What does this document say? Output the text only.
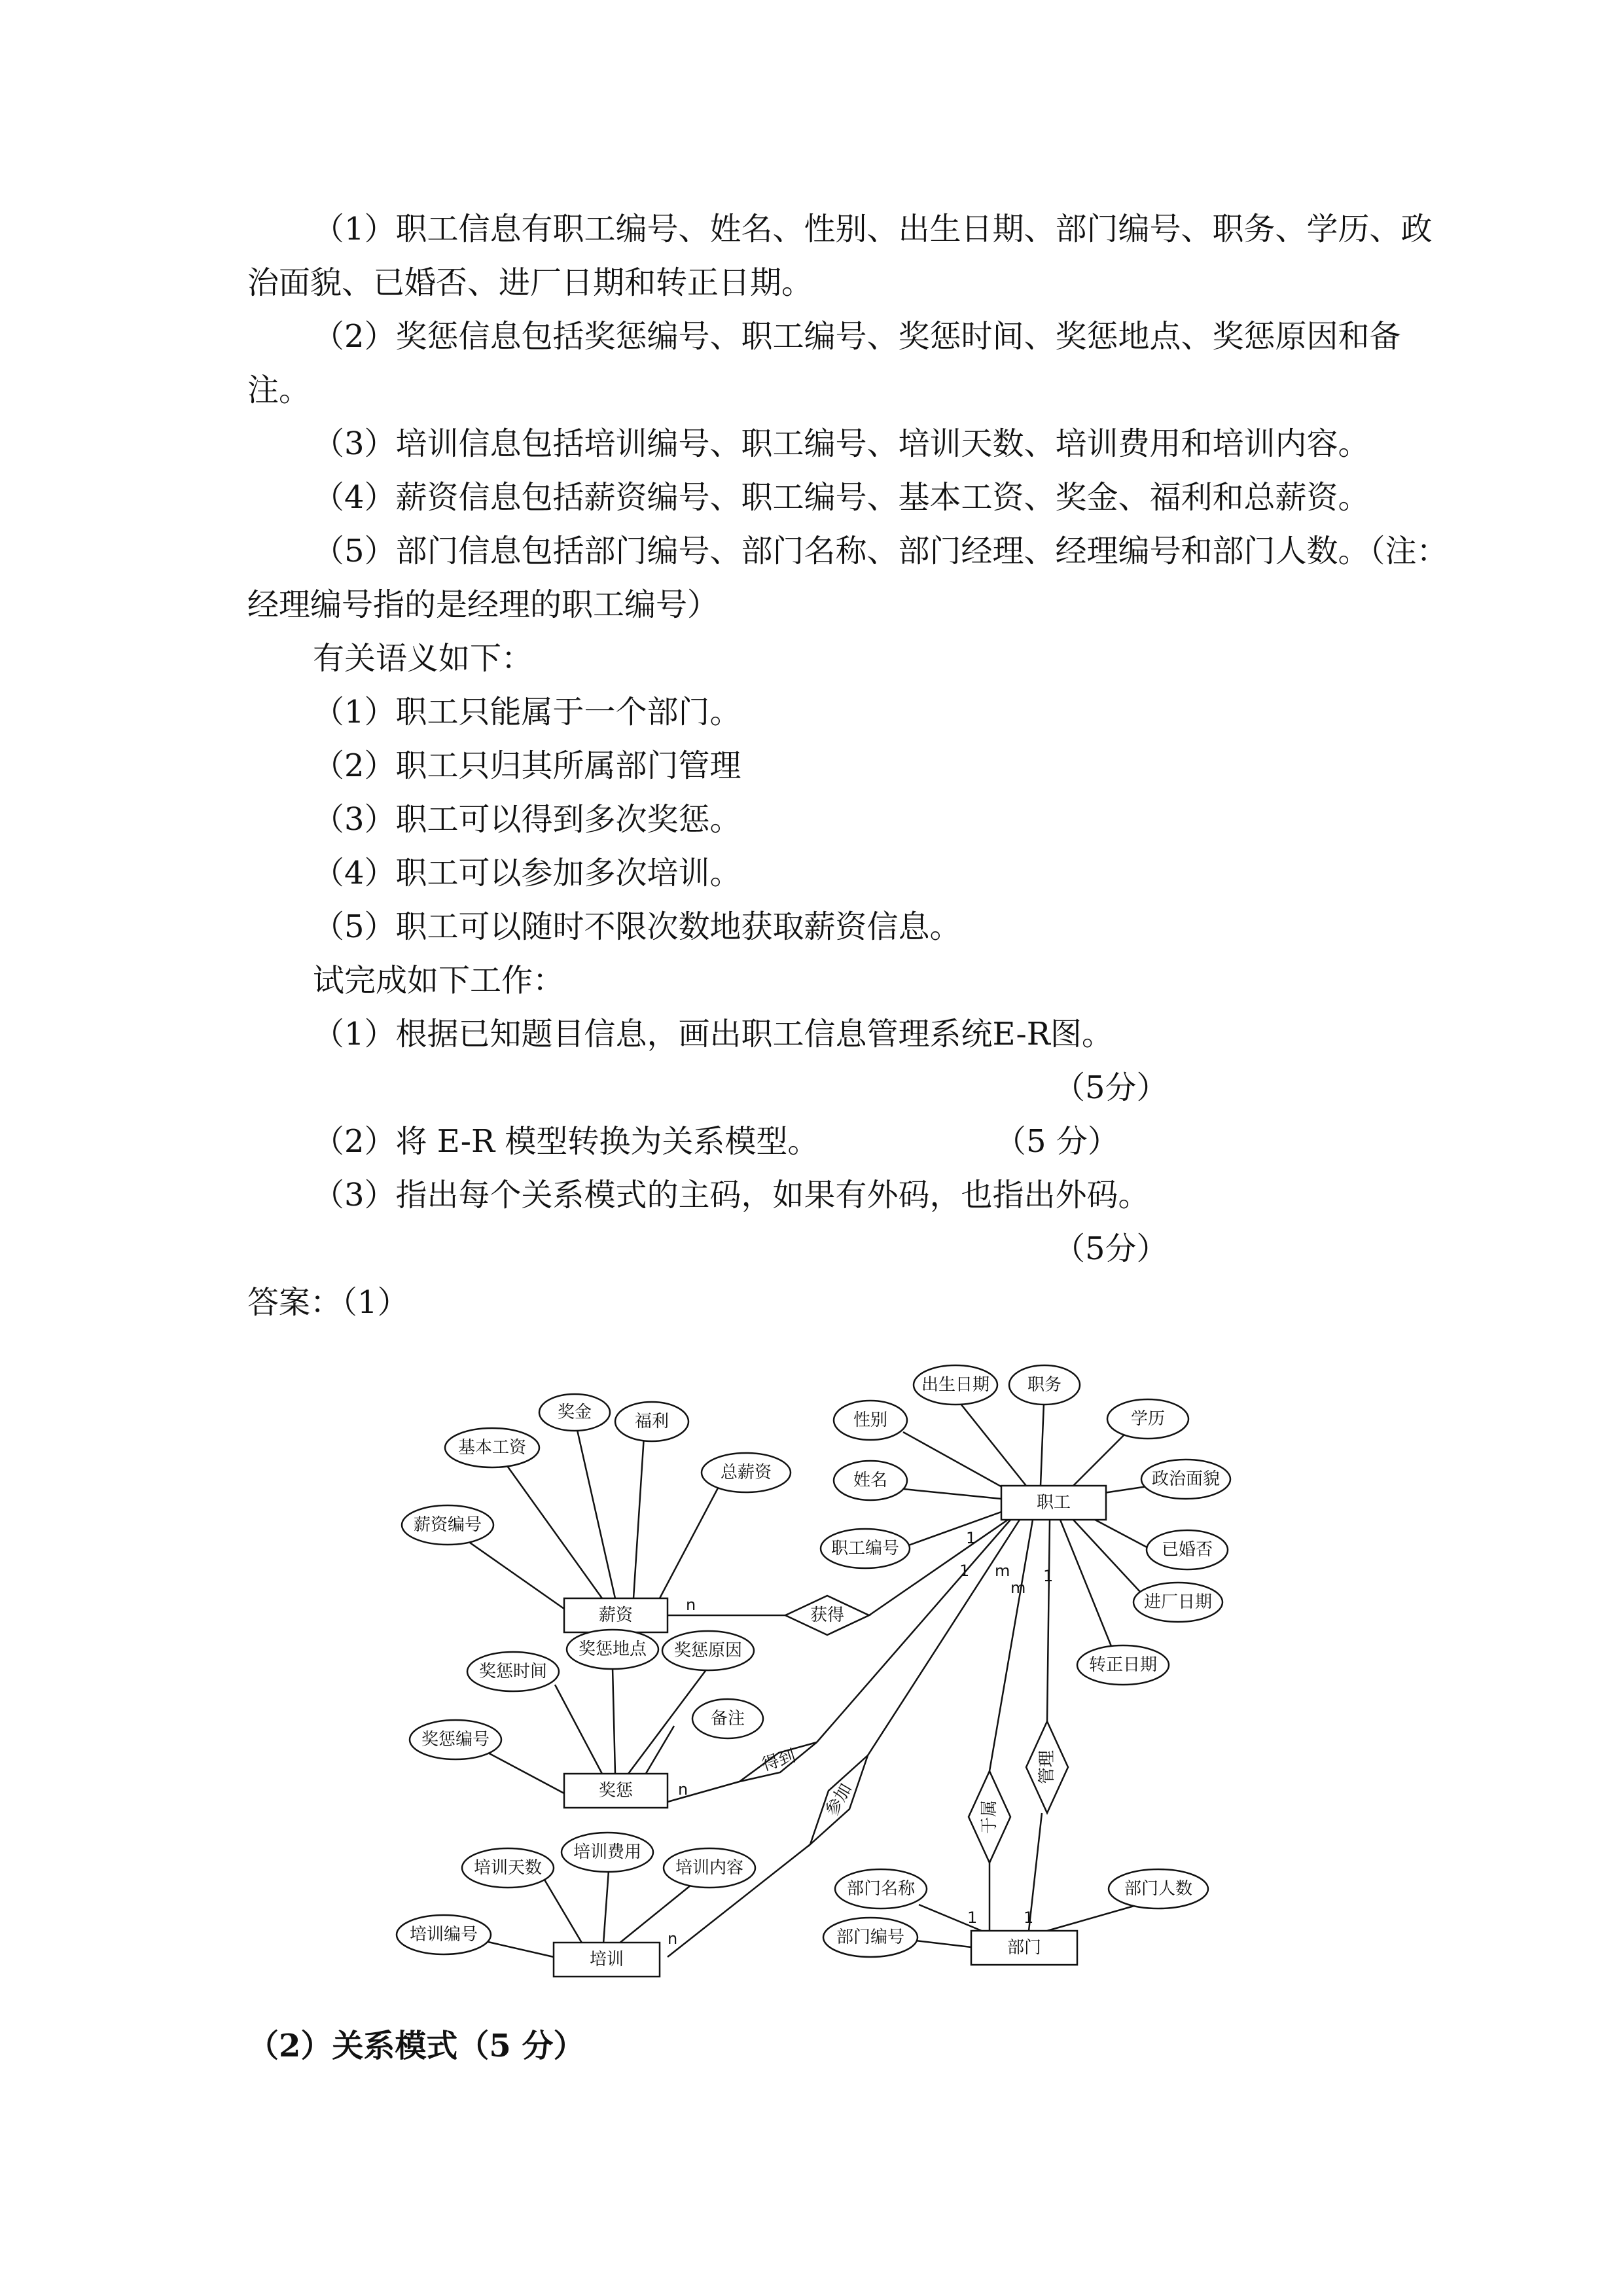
（1）职工信息有职工编号、姓名、性别、出生日期、部门编号、职务、学历、政
治面貌、已婚否、进厂日期和转正日期。
（2）奖惩信息包括奖惩编号、职工编号、奖惩时间、奖惩地点、奖惩原因和备
注。
（3）培训信息包括培训编号、职工编号、培训天数、培训费用和培训内容。
（4）薪资信息包括薪资编号、职工编号、基本工资、奖金、福利和总薪资。
（5）部门信息包括部门编号、部门名称、部门经理、经理编号和部门人数。（注：
经理编号指的是经理的职工编号）
有关语义如下：
（1）职工只能属于一个部门。
（2）职工只归其所属部门管理
（3）职工可以得到多次奖惩。
（4）职工可以参加多次培训。
（5）职工可以随时不限次数地获取薪资信息。
试完成如下工作：
（1）根据已知题目信息，画出职工信息管理系统E-R图。
（5分）
（2）将 E-R 模型转换为关系模型。	（5 分）
（3）指出每个关系模式的主码，如果有外码，也指出外码。
（5分）
答案：（1）
职工
薪资
奖惩
培训
部门
获得
得到
参加	于属
管理
出生日期 职务
性别	学历
姓名	政治面貌
职工编号	已婚否
进厂日期
转正日期
奖金	福利
基本工资
总薪资
薪资编号
奖惩地点 奖惩原因
奖惩时间
备注
奖惩编号
培训费用
培训天数	培训内容
培训编号
部门名称	部门人数
部门编号
n
1
1 m
m
1
n
n
1	1
（2）关系模式（5 分）
